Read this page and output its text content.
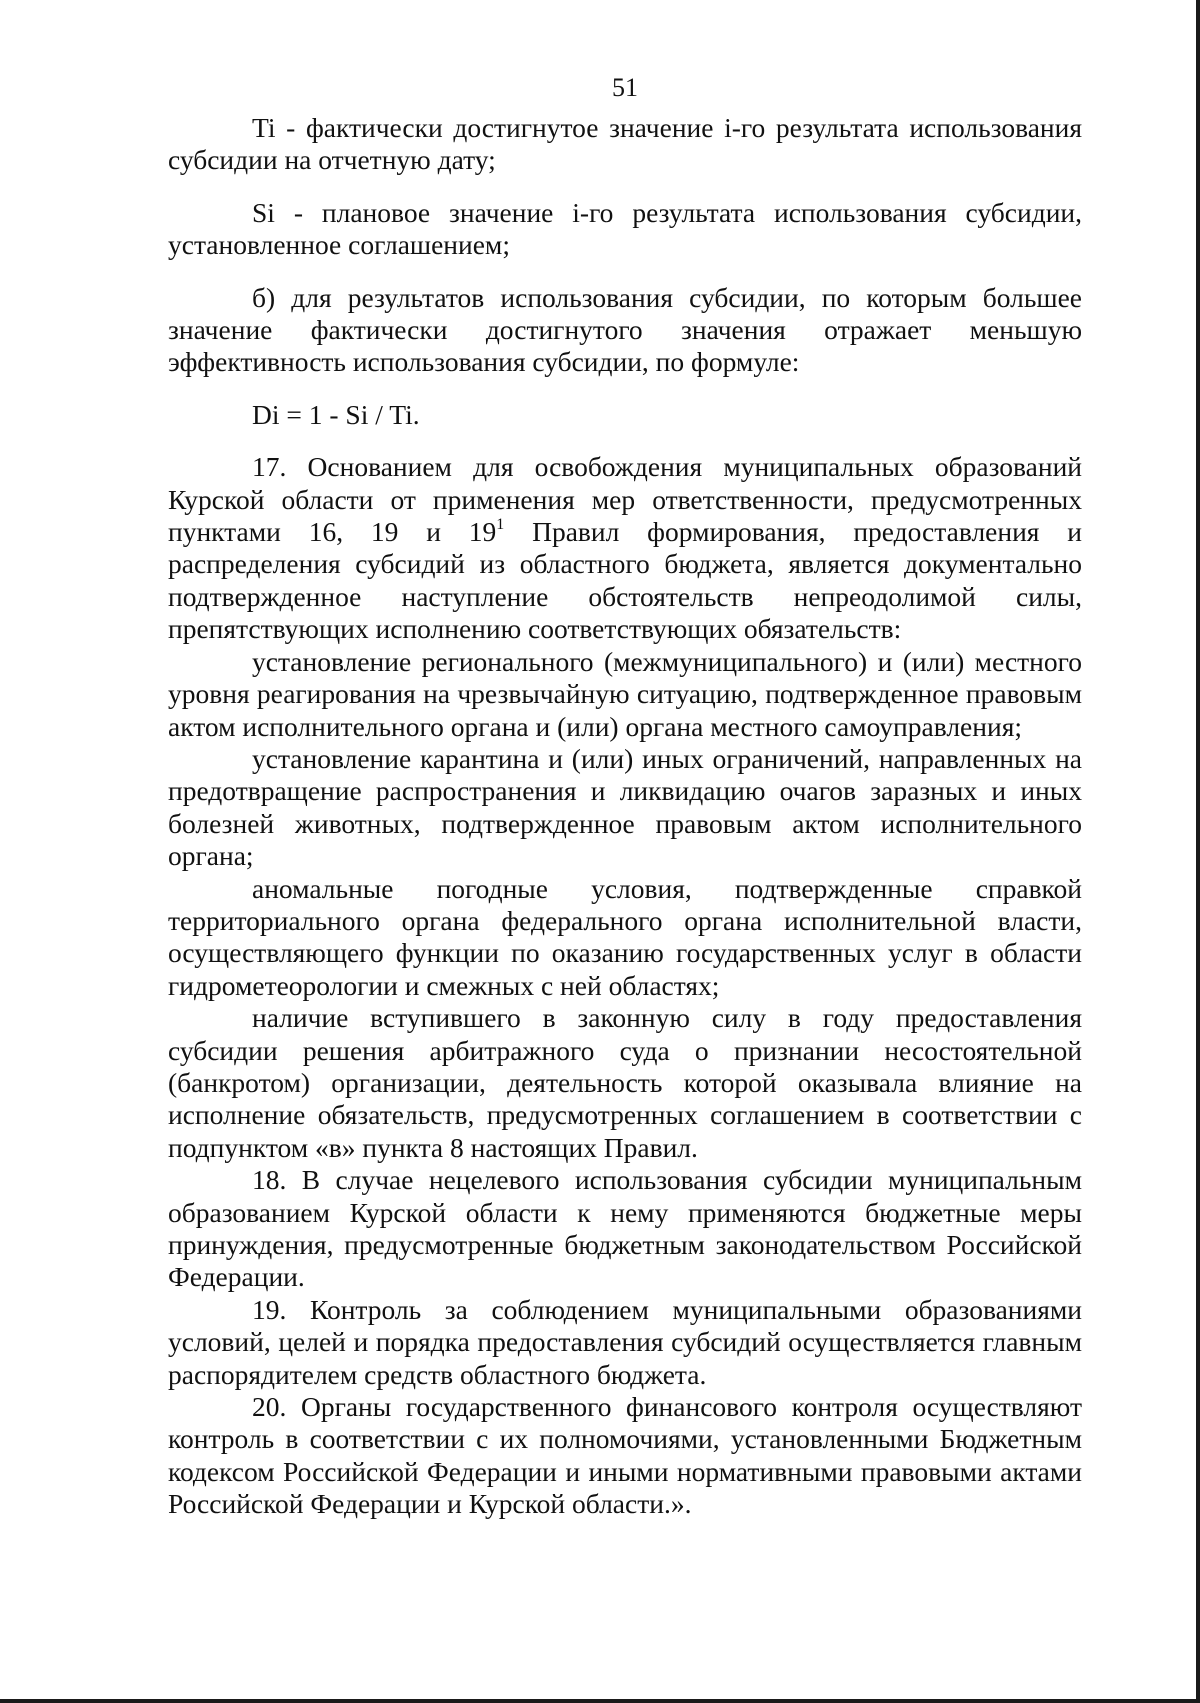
51

Ti - фактически достигнутое значение i-го результата использования субсидии на отчетную дату;

Si - плановое значение i-го результата использования субсидии, установленное соглашением;

б) для результатов использования субсидии, по которым большее значение фактически достигнутого значения отражает меньшую эффективность использования субсидии, по формуле:

Di = 1 - Si / Ti.

17. Основанием для освобождения муниципальных образований Курской области от применения мер ответственности, предусмотренных пунктами 16, 19 и $19^1$ Правил формирования, предоставления и распределения субсидий из областного бюджета, является документально подтвержденное наступление обстоятельств непреодолимой силы, препятствующих исполнению соответствующих обязательств:

установление регионального (межмуниципального) и (или) местного уровня реагирования на чрезвычайную ситуацию, подтвержденное правовым актом исполнительного органа и (или) органа местного самоуправления;

установление карантина и (или) иных ограничений, направленных на предотвращение распространения и ликвидацию очагов заразных и иных болезней животных, подтвержденное правовым актом исполнительного органа;

аномальные погодные условия, подтвержденные справкой территориального органа федерального органа исполнительной власти, осуществляющего функции по оказанию государственных услуг в области гидрометеорологии и смежных с ней областях;

наличие вступившего в законную силу в году предоставления субсидии решения арбитражного суда о признании несостоятельной (банкротом) организации, деятельность которой оказывала влияние на исполнение обязательств, предусмотренных соглашением в соответствии с подпунктом «в» пункта 8 настоящих Правил.

18. В случае нецелевого использования субсидии муниципальным образованием Курской области к нему применяются бюджетные меры принуждения, предусмотренные бюджетным законодательством Российской Федерации.

19. Контроль за соблюдением муниципальными образованиями условий, целей и порядка предоставления субсидий осуществляется главным распорядителем средств областного бюджета.

20. Органы государственного финансового контроля осуществляют контроль в соответствии с их полномочиями, установленными Бюджетным кодексом Российской Федерации и иными нормативными правовыми актами Российской Федерации и Курской области.».
